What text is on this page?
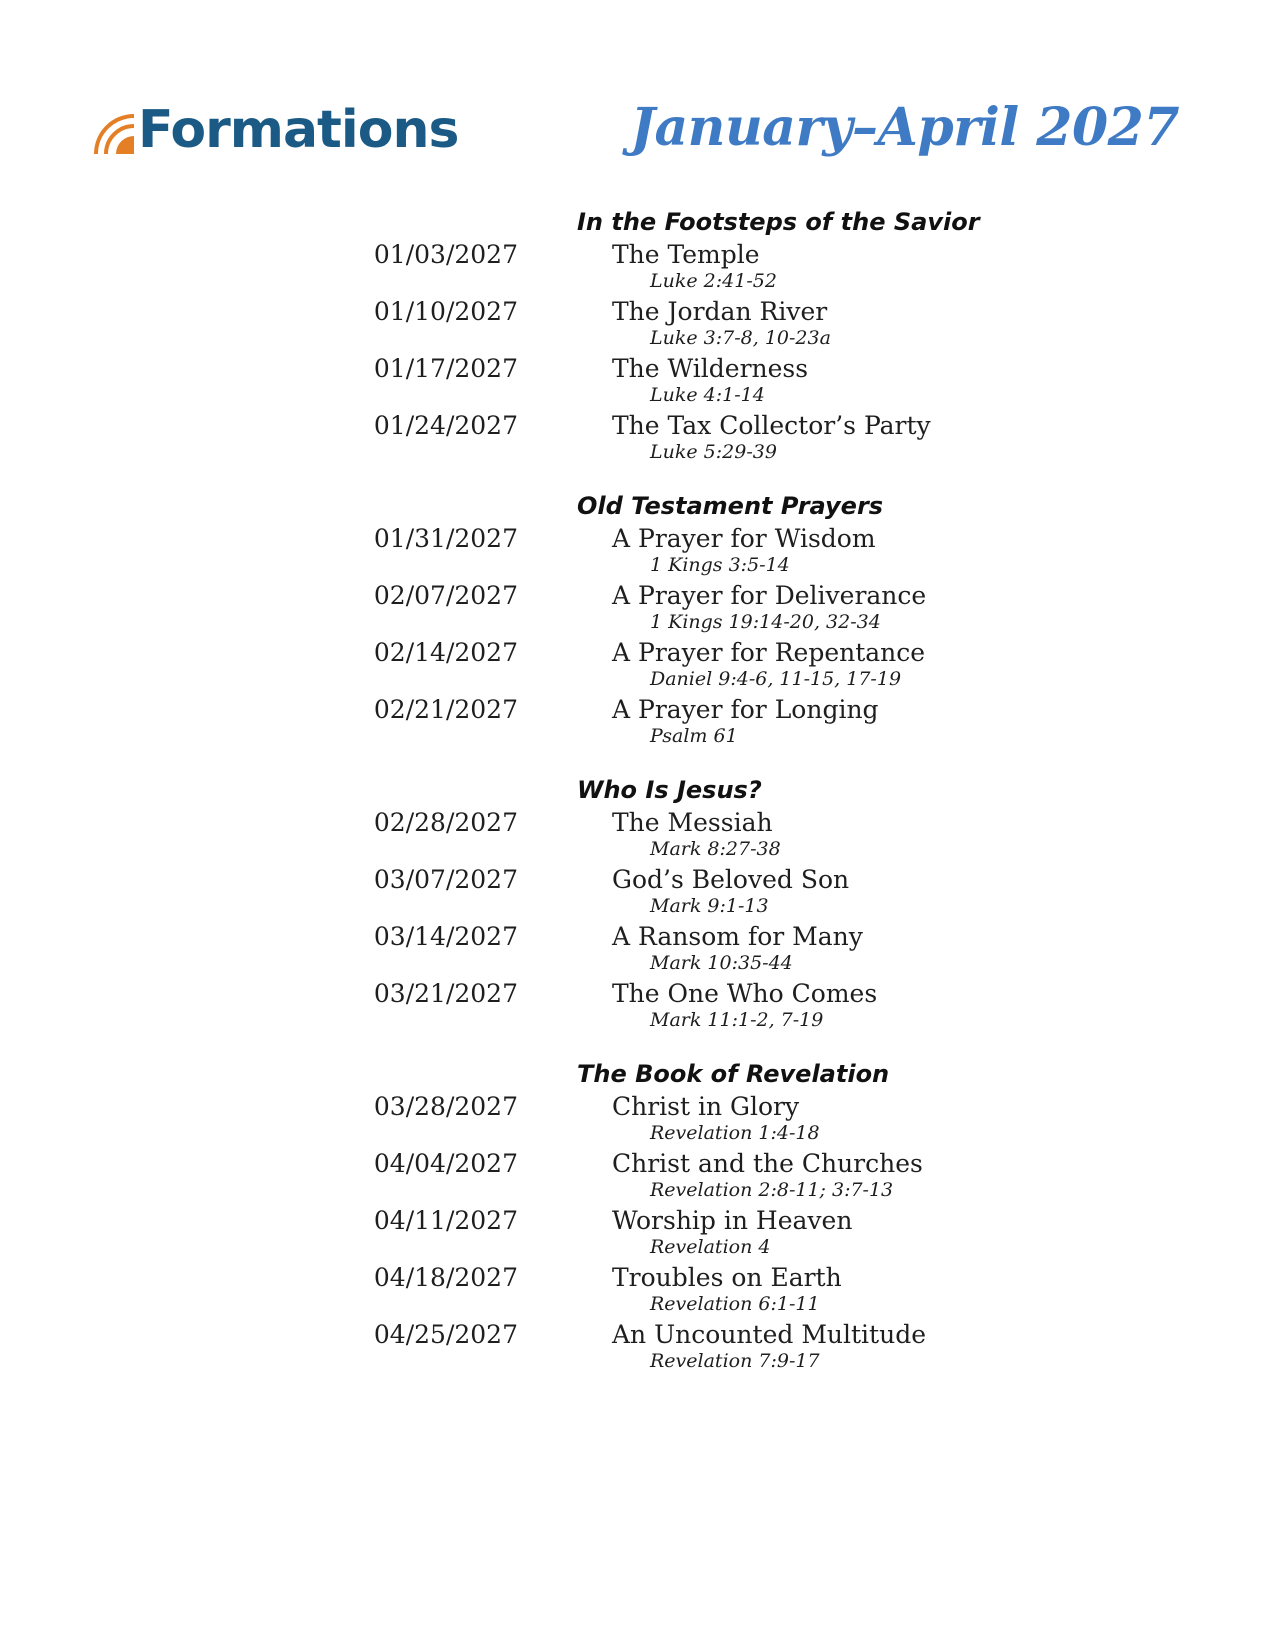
Formations	January–April 2027
In the Footsteps of the Savior
01/03/2027	The Temple
Luke 2:41-52
01/10/2027	The Jordan River
Luke 3:7-8, 10-23a
01/17/2027	The Wilderness
Luke 4:1-14
01/24/2027	The Tax Collector’s Party
Luke 5:29-39
Old Testament Prayers
01/31/2027	A Prayer for Wisdom
1 Kings 3:5-14
02/07/2027	A Prayer for Deliverance
1 Kings 19:14-20, 32-34
02/14/2027	A Prayer for Repentance
Daniel 9:4-6, 11-15, 17-19
02/21/2027	A Prayer for Longing
Psalm 61
Who Is Jesus?
02/28/2027	The Messiah
Mark 8:27-38
03/07/2027	God’s Beloved Son
Mark 9:1-13
03/14/2027	A Ransom for Many
Mark 10:35-44
03/21/2027	The One Who Comes
Mark 11:1-2, 7-19
The Book of Revelation
03/28/2027	Christ in Glory
Revelation 1:4-18
04/04/2027	Christ and the Churches
Revelation 2:8-11; 3:7-13
04/11/2027	Worship in Heaven
Revelation 4
04/18/2027	Troubles on Earth
Revelation 6:1-11
04/25/2027	An Uncounted Multitude
Revelation 7:9-17
